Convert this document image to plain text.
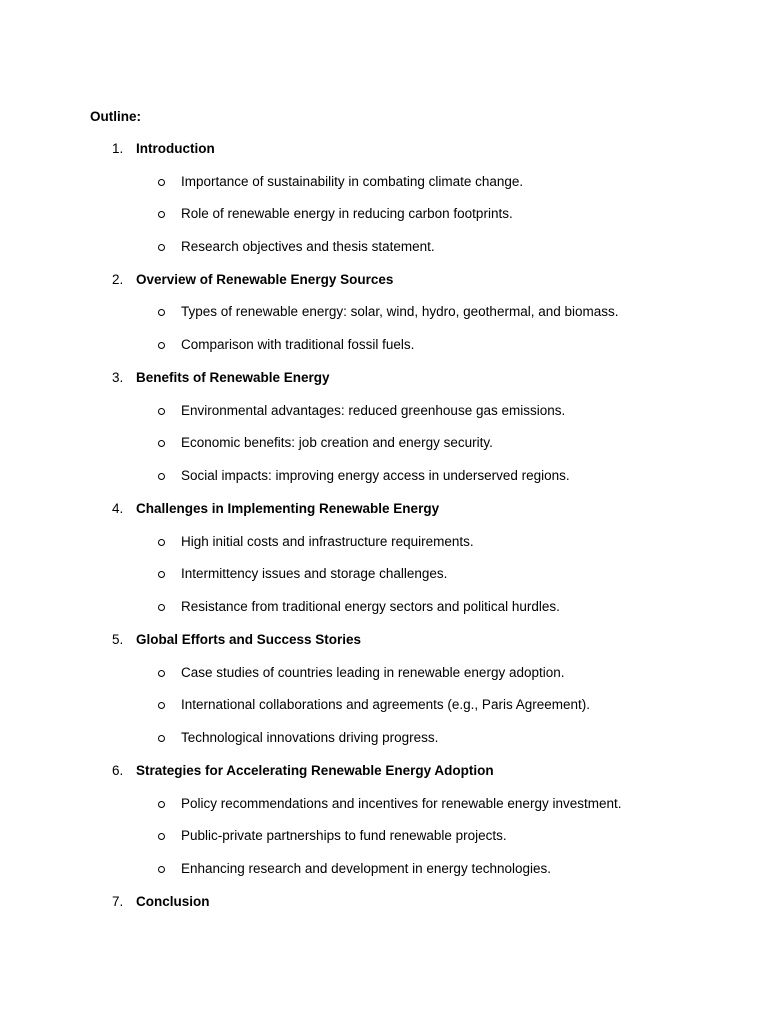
Outline:

1. Introduction
Importance of sustainability in combating climate change.
Role of renewable energy in reducing carbon footprints.
Research objectives and thesis statement.
2. Overview of Renewable Energy Sources
Types of renewable energy: solar, wind, hydro, geothermal, and biomass.
Comparison with traditional fossil fuels.
3. Benefits of Renewable Energy
Environmental advantages: reduced greenhouse gas emissions.
Economic benefits: job creation and energy security.
Social impacts: improving energy access in underserved regions.
4. Challenges in Implementing Renewable Energy
High initial costs and infrastructure requirements.
Intermittency issues and storage challenges.
Resistance from traditional energy sectors and political hurdles.
5. Global Efforts and Success Stories
Case studies of countries leading in renewable energy adoption.
International collaborations and agreements (e.g., Paris Agreement).
Technological innovations driving progress.
6. Strategies for Accelerating Renewable Energy Adoption
Policy recommendations and incentives for renewable energy investment.
Public-private partnerships to fund renewable projects.
Enhancing research and development in energy technologies.
7. Conclusion
